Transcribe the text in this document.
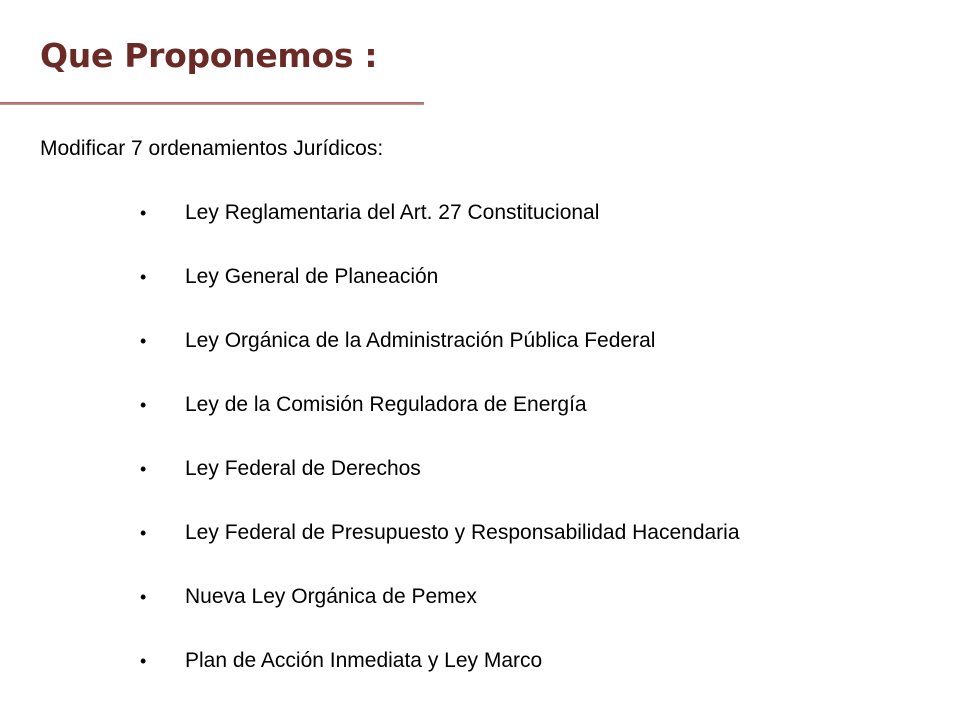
Que Proponemos :

Modificar 7 ordenamientos Jurídicos:

• Ley Reglamentaria del Art. 27 Constitucional
• Ley General de Planeación
• Ley Orgánica de la Administración Pública Federal
• Ley de la Comisión Reguladora de Energía
• Ley Federal de Derechos
• Ley Federal de Presupuesto y Responsabilidad Hacendaria
• Nueva Ley Orgánica de Pemex
• Plan de Acción Inmediata y Ley Marco
